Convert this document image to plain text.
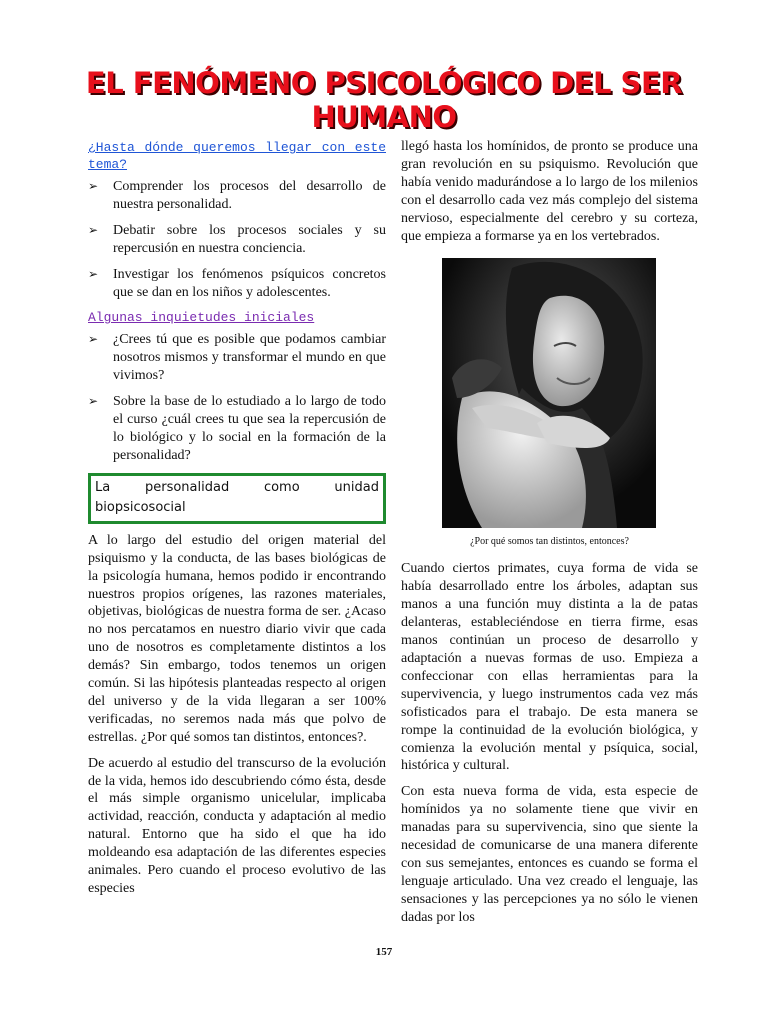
EL FENÓMENO PSICOLÓGICO DEL SER
HUMANO
¿Hasta dónde queremos llegar con este tema?
➢ Comprender los procesos del desarrollo de nuestra personalidad.
➢ Debatir sobre los procesos sociales y su repercusión en nuestra conciencia.
➢ Investigar los fenómenos psíquicos concretos que se dan en los niños y adolescentes.
Algunas inquietudes iniciales
➢ ¿Crees tú que es posible que podamos cambiar nosotros mismos y transformar el mundo en que vivimos?
➢ Sobre la base de lo estudiado a lo largo de todo el curso ¿cuál crees tu que sea la repercusión de lo biológico y lo social en la formación de la personalidad?
La	personalidad	como	unidad
biopsicosocial

A lo largo del estudio del origen material del psiquismo y la conducta, de las bases biológicas de la psicología humana, hemos podido ir encontrando nuestros propios orígenes, las razones materiales, objetivas, biológicas de nuestra forma de ser. ¿Acaso no nos percatamos en nuestro diario vivir que cada uno de nosotros es completamente distintos a los demás? Sin embargo, todos tenemos un origen común. Si las hipótesis planteadas respecto al origen del universo y de la vida llegaran a ser 100% verificadas, no seremos nada más que polvo de estrellas. ¿Por qué somos tan distintos, entonces?.

De acuerdo al estudio del transcurso de la evolución de la vida, hemos ido descubriendo cómo ésta, desde el más simple organismo unicelular, implicaba actividad, reacción, conducta y adaptación al medio natural. Entorno que ha sido el que ha ido moldeando esa adaptación de las diferentes especies animales. Pero cuando el proceso evolutivo de las especies

llegó hasta los homínidos, de pronto se produce una gran revolución en su psiquismo. Revolución que había venido madurándose a lo largo de los milenios con el desarrollo cada vez más complejo del sistema nervioso, especialmente del cerebro y su corteza, que empieza a formarse ya en los vertebrados.

¿Por qué somos tan distintos, entonces?

Cuando ciertos primates, cuya forma de vida se había desarrollado entre los árboles, adaptan sus manos a una función muy distinta a la de patas delanteras, estableciéndose en tierra firme, esas manos continúan un proceso de desarrollo y adaptación a nuevas formas de uso. Empieza a confeccionar con ellas herramientas para la supervivencia, y luego instrumentos cada vez más sofisticados para el trabajo. De esta manera se rompe la continuidad de la evolución biológica, y comienza la evolución mental y psíquica, social, histórica y cultural.

Con esta nueva forma de vida, esta especie de homínidos ya no solamente tiene que vivir en manadas para su supervivencia, sino que siente la necesidad de comunicarse de una manera diferente con sus semejantes, entonces es cuando se forma el lenguaje articulado. Una vez creado el lenguaje, las sensaciones y las percepciones ya no sólo le vienen dadas por los

157
